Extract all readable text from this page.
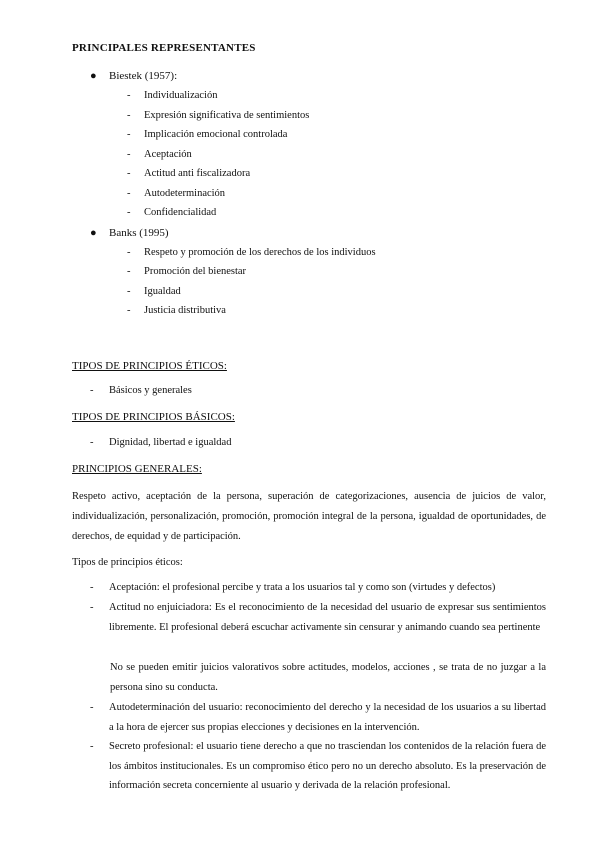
PRINCIPALES REPRESENTANTES
● Biestek (1957):
- Individualización
- Expresión significativa de sentimientos
- Implicación emocional controlada
- Aceptación
- Actitud anti fiscalizadora
- Autodeterminación
- Confidencialidad
● Banks (1995)
- Respeto y promoción de los derechos de los individuos
- Promoción del bienestar
- Igualdad
- Justicia distributiva
TIPOS DE PRINCIPIOS ÉTICOS:
- Básicos y generales
TIPOS DE PRINCIPIOS BÁSICOS:
- Dignidad, libertad e igualdad
PRINCIPIOS GENERALES:
Respeto activo, aceptación de la persona, superación de categorizaciones, ausencia de juicios de valor, individualización, personalización, promoción, promoción integral de la persona, igualdad de oportunidades, de derechos, de equidad y de participación.
Tipos de principios éticos:
- Aceptación: el profesional percibe y trata a los usuarios tal y como son (virtudes y defectos)
- Actitud no enjuiciadora: Es el reconocimiento de la necesidad del usuario de expresar sus sentimientos libremente. El profesional deberá escuchar activamente sin censurar y animando cuando sea pertinente
No se pueden emitir juicios valorativos sobre actitudes, modelos, acciones , se trata de no juzgar a la persona sino su conducta.
- Autodeterminación del usuario: reconocimiento del derecho y la necesidad de los usuarios a su libertad a la hora de ejercer sus propias elecciones y decisiones en la intervención.
- Secreto profesional: el usuario tiene derecho a que no trasciendan los contenidos de la relación fuera de los ámbitos institucionales. Es un compromiso ético pero no un derecho absoluto. Es la preservación de información secreta concerniente al usuario y derivada de la relación profesional.
